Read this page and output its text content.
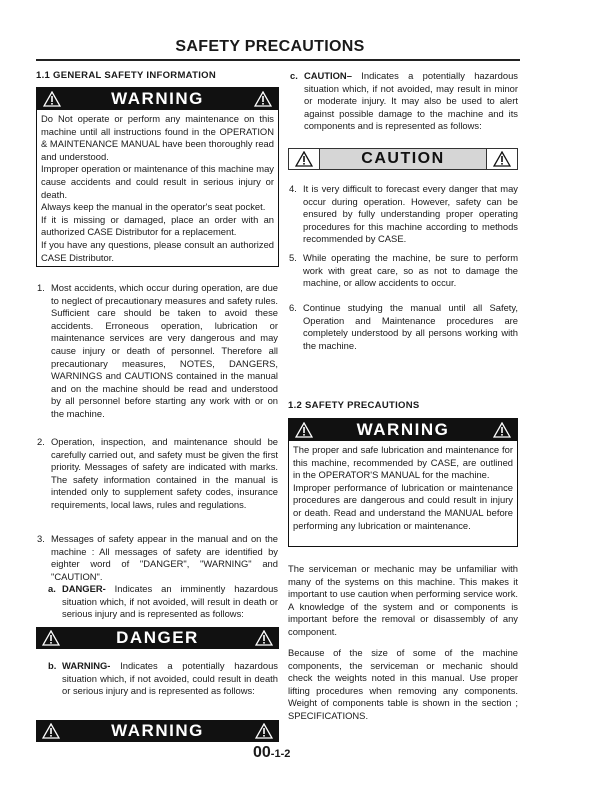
SAFETY PRECAUTIONS
1.1 GENERAL SAFETY INFORMATION
WARNING

Do Not operate or perform any maintenance on this machine until all instructions found in the OPERATION & MAINTENANCE MANUAL have been thoroughly read and understood.

Improper operation or maintenance of this machine may cause accidents and could result in serious injury or death.

Always keep the manual in the operator's seat pocket.

If it is missing or damaged, place an order with an authorized CASE Distributor for a replacement.

If you have any questions, please consult an authorized CASE Distributor.

1. Most accidents, which occur during operation, are due to neglect of precautionary measures and safety rules. Sufficient care should be taken to avoid these accidents. Erroneous operation, lubrication or maintenance services are very dangerous and may cause injury or death of personnel. Therefore all precautionary measures, NOTES, DANGERS, WARNINGS and CAUTIONS contained in the manual and on the machine should be read and understood by all personnel before starting any work with or on the machine.

2. Operation, inspection, and maintenance should be carefully carried out, and safety must be given the first priority. Messages of safety are indicated with marks. The safety information contained in the manual is intended only to supplement safety codes, insurance requirements, local laws, rules and regulations.

3. Messages of safety appear in the manual and on the machine : All messages of safety are identified by eighter word of "DANGER", "WARNING" and "CAUTION".

a. DANGER- Indicates an imminently hazardous situation which, if not avoided, will result in death or serious injury and is represented as follows:

DANGER
b. WARNING- Indicates a potentially hazardous situation which, if not avoided, could result in death or serious injury and is represented as follows:

WARNING
c. CAUTION– Indicates a potentially hazardous situation which, if not avoided, may result in minor or moderate injury. It may also be used to alert against possible damage to the machine and its components and is represented as follows:

CAUTION
4. It is very difficult to forecast every danger that may occur during operation. However, safety can be ensured by fully understanding proper operating procedures for this machine according to methods recommended by CASE.

5. While operating the machine, be sure to perform work with great care, so as not to damage the machine, or allow accidents to occur.

6. Continue studying the manual until all Safety, Operation and Maintenance procedures are completely understood by all persons working with the machine.

1.2 SAFETY PRECAUTIONS
WARNING

The proper and safe lubrication and maintenance for this machine, recommended by CASE, are outlined in the OPERATOR'S MANUAL for the machine.

Improper performance of lubrication or maintenance procedures are dangerous and could result in injury or death. Read and understand the MANUAL before performing any lubrication or maintenance.

The serviceman or mechanic may be unfamiliar with many of the systems on this machine. This makes it important to use caution when performing service work. A knowledge of the system and or components is important before the removal or disassembly of any component.

Because of the size of some of the machine components, the serviceman or mechanic should check the weights noted in this manual. Use proper lifting procedures when removing any components. Weight of components table is shown in the section ; SPECIFICATIONS.

00-1-2
